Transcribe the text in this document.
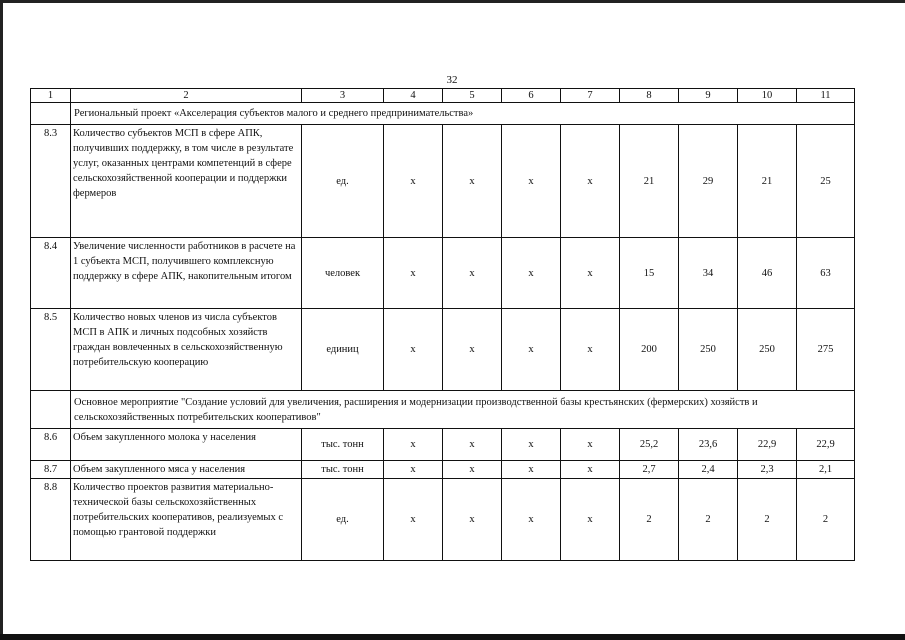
32
1	2	3	4	5	6	7	8	9	10	11
	Региональный проект «Акселерация субъектов малого и среднего предпринимательства»									
8.3	Количество субъектов МСП в сфере АПК, получивших поддержку, в том числе в результате услуг, оказанных центрами компетенций в сфере сельскохозяйственной кооперации и поддержки фермеров	ед.	х	х	х	х	21	29	21	25
8.4	Увеличение численности работников в расчете на 1 субъекта МСП, получившего комплексную поддержку в сфере АПК, накопительным итогом	человек	х	х	х	х	15	34	46	63
8.5	Количество новых членов из числа субъектов МСП в АПК и личных подсобных хозяйств граждан вовлеченных в сельскохозяйственную потребительскую кооперацию	единиц	х	х	х	х	200	250	250	275
	Основное мероприятие "Создание условий для увеличения, расширения и модернизации производственной базы крестьянских (фермерских) хозяйств и сельскохозяйственных потребительских кооперативов"									
8.6	Объем закупленного молока у населения	тыс. тонн	х	х	х	х	25,2	23,6	22,9	22,9
8.7	Объем закупленного мяса у населения	тыс. тонн	х	х	х	х	2,7	2,4	2,3	2,1
8.8	Количество проектов развития материально-технической базы сельскохозяйственных потребительских кооперативов, реализуемых с помощью грантовой поддержки	ед.	х	х	х	х	2	2	2	2
